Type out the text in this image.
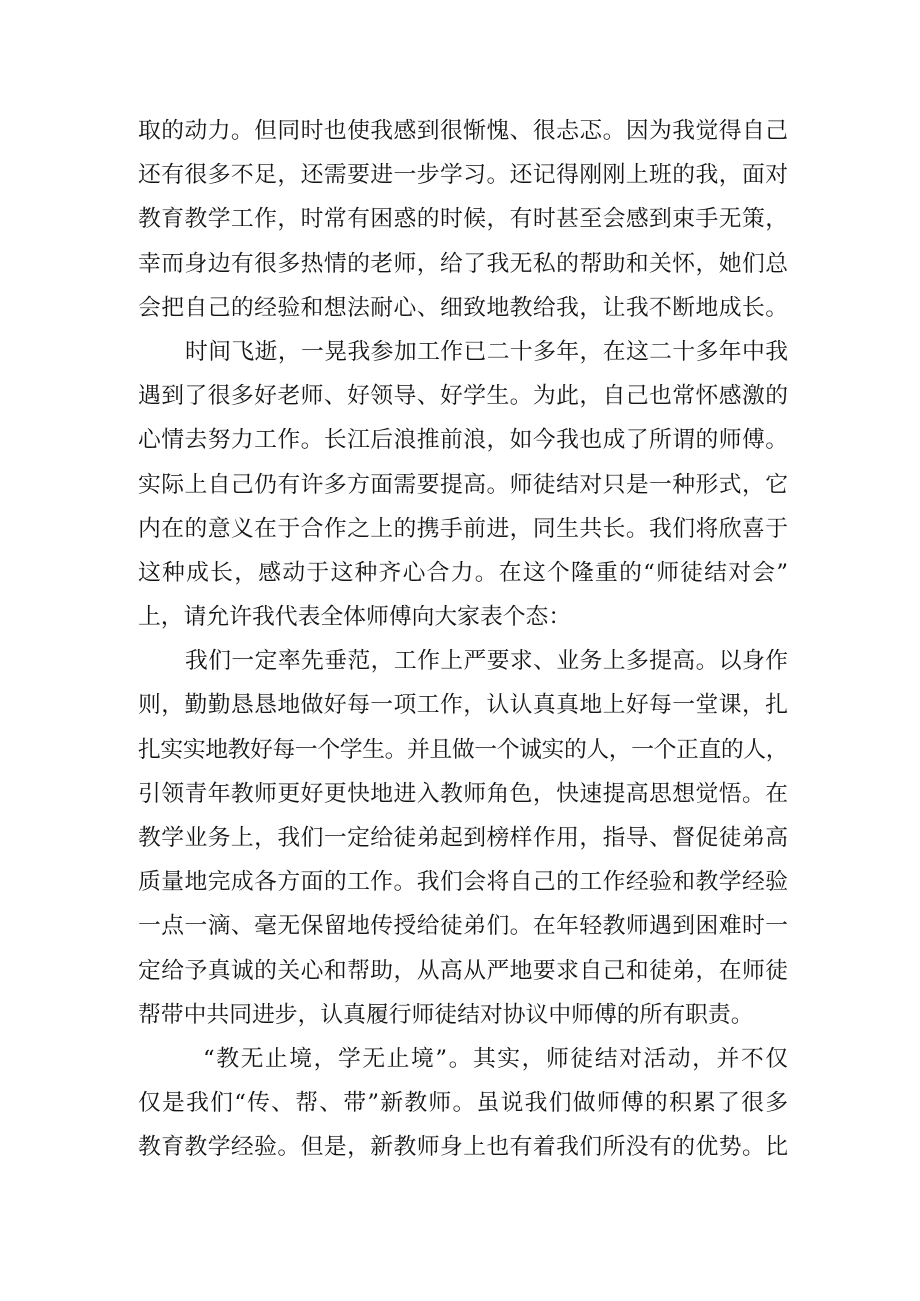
取的动力。但同时也使我感到很惭愧、很忐忑。因为我觉得自己
还有很多不足，还需要进一步学习。还记得刚刚上班的我，面对
教育教学工作，时常有困惑的时候，有时甚至会感到束手无策，
幸而身边有很多热情的老师，给了我无私的帮助和关怀，她们总
会把自己的经验和想法耐心、细致地教给我，让我不断地成长。
时间飞逝，一晃我参加工作已二十多年，在这二十多年中我
遇到了很多好老师、好领导、好学生。为此，自己也常怀感激的
心情去努力工作。长江后浪推前浪，如今我也成了所谓的师傅。
实际上自己仍有许多方面需要提高。师徒结对只是一种形式，它
内在的意义在于合作之上的携手前进，同生共长。我们将欣喜于
这种成长，感动于这种齐心合力。在这个隆重的“师徒结对会”
上，请允许我代表全体师傅向大家表个态：
我们一定率先垂范，工作上严要求、业务上多提高。以身作
则，勤勤恳恳地做好每一项工作，认认真真地上好每一堂课，扎
扎实实地教好每一个学生。并且做一个诚实的人，一个正直的人，
引领青年教师更好更快地进入教师角色，快速提高思想觉悟。在
教学业务上，我们一定给徒弟起到榜样作用，指导、督促徒弟高
质量地完成各方面的工作。我们会将自己的工作经验和教学经验
一点一滴、毫无保留地传授给徒弟们。在年轻教师遇到困难时一
定给予真诚的关心和帮助，从高从严地要求自己和徒弟，在师徒
帮带中共同进步，认真履行师徒结对协议中师傅的所有职责。
“教无止境，学无止境”。其实，师徒结对活动，并不仅
仅是我们“传、帮、带”新教师。虽说我们做师傅的积累了很多
教育教学经验。但是，新教师身上也有着我们所没有的优势。比
